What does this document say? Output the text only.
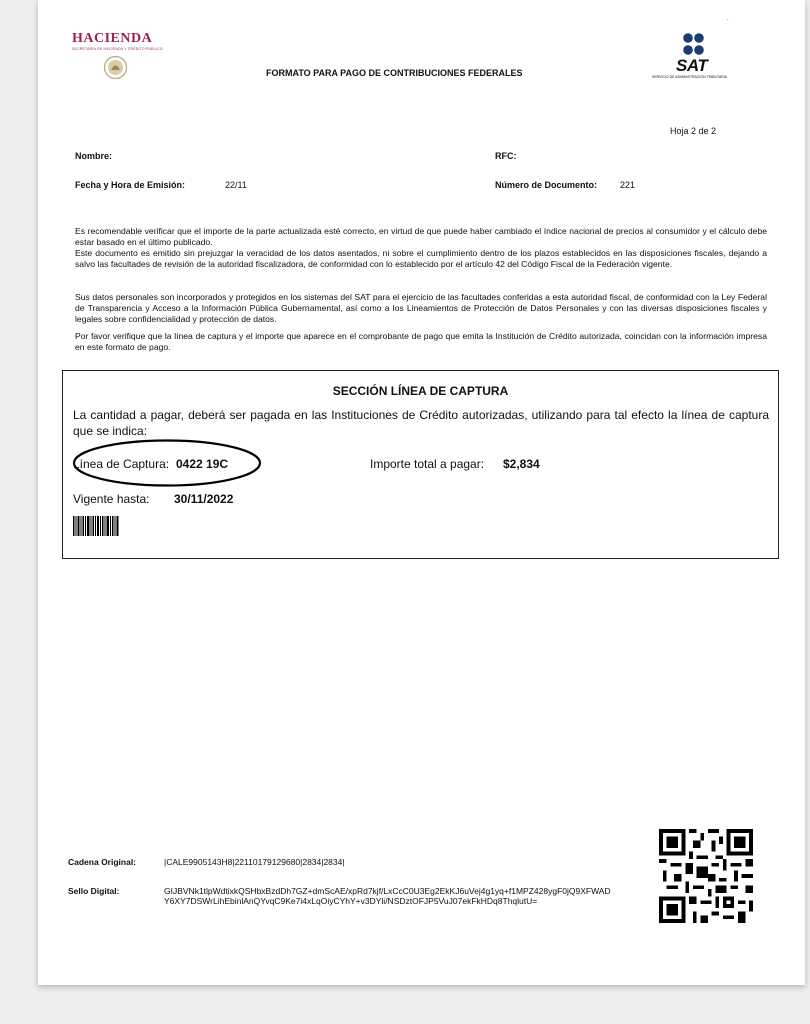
HACIENDA
SECRETARÍA DE HACIENDA Y CRÉDITO PÚBLICO
FORMATO PARA PAGO DE CONTRIBUCIONES FEDERALES	SAT
SERVICIO DE ADMINISTRACIÓN TRIBUTARIA
.
Hoja 2 de 2
Nombre:	RFC:
Fecha y Hora de Emisión:	22/11	Número de Documento:	221

Es recomendable verificar que el importe de la parte actualizada esté correcto, en virtud de que puede haber cambiado el índice nacional de precios al consumidor y el cálculo debe estar basado en el último publicado.

Este documento es emitido sin prejuzgar la veracidad de los datos asentados, ni sobre el cumplimiento dentro de los plazos establecidos en las disposiciones fiscales, dejando a salvo las facultades de revisión de la autoridad fiscalizadora, de conformidad con lo establecido por el artículo 42 del Código Fiscal de la Federación vigente.

Sus datos personales son incorporados y protegidos en los sistemas del SAT para el ejercicio de las facultades conferidas a esta autoridad fiscal, de conformidad con la Ley Federal de Transparencia y Acceso a la Información Pública Gubernamental, así como a los Lineamientos de Protección de Datos Personales y con las diversas disposiciones fiscales y legales sobre confidencialidad y protección de datos.

Por favor verifique que la línea de captura y el importe que aparece en el comprobante de pago que emita la Institución de Crédito autorizada, coincidan con la información impresa en este formato de pago.

SECCIÓN LÍNEA DE CAPTURA

La cantidad a pagar, deberá ser pagada en las Instituciones de Crédito autorizadas, utilizando para tal efecto la línea de captura que se indica:

Línea de Captura: 0422 19C	Importe total a pagar: $2,834
Vigente hasta: 30/11/2022
Cadena Original:	|CALE9905143H8|22110179129680|2834|2834|
Sello Digital:	GIJBVNk1tlpWdtixkQSHbxBzdDh7GZ+dmScAE/xpRd7kjf/LxCcC0U3Eg2EkKJ6uVej4g1yq+f1MPZ428ygF0jQ9XFWADY6XY7DSWrLihEbinlAnQYvqC9Ke7i4xLqOiyCYhY+v3DYli/NSDztOFJP5VuJ07ekFkHDq8ThqlutU=
